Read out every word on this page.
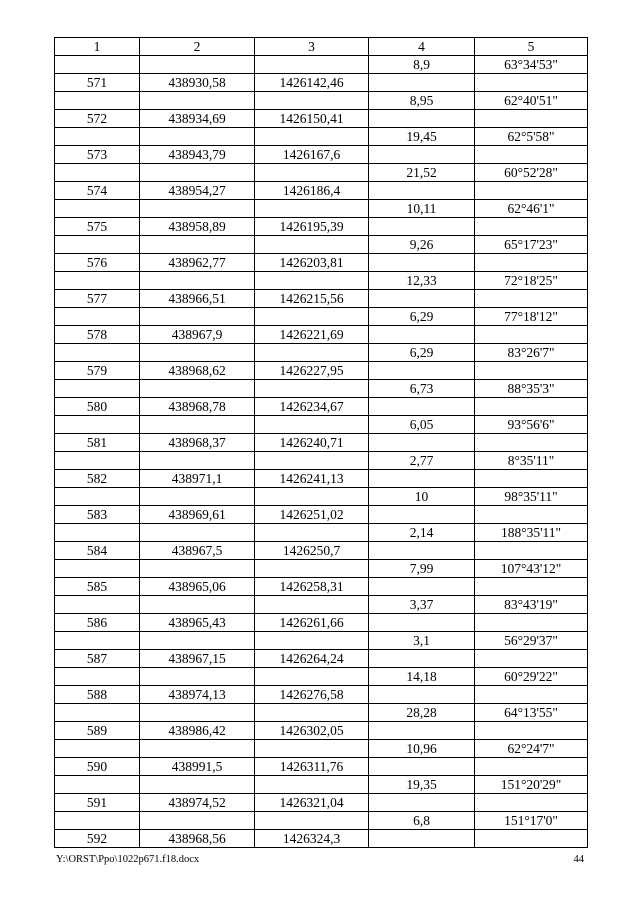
1	2	3	4	5
			8,9	63°34'53"
571	438930,58	1426142,46		
			8,95	62°40'51"
572	438934,69	1426150,41		
			19,45	62°5'58"
573	438943,79	1426167,6		
			21,52	60°52'28"
574	438954,27	1426186,4		
			10,11	62°46'1"
575	438958,89	1426195,39		
			9,26	65°17'23"
576	438962,77	1426203,81		
			12,33	72°18'25"
577	438966,51	1426215,56		
			6,29	77°18'12"
578	438967,9	1426221,69		
			6,29	83°26'7"
579	438968,62	1426227,95		
			6,73	88°35'3"
580	438968,78	1426234,67		
			6,05	93°56'6"
581	438968,37	1426240,71		
			2,77	8°35'11"
582	438971,1	1426241,13		
			10	98°35'11"
583	438969,61	1426251,02		
			2,14	188°35'11"
584	438967,5	1426250,7		
			7,99	107°43'12"
585	438965,06	1426258,31		
			3,37	83°43'19"
586	438965,43	1426261,66		
			3,1	56°29'37"
587	438967,15	1426264,24		
			14,18	60°29'22"
588	438974,13	1426276,58		
			28,28	64°13'55"
589	438986,42	1426302,05		
			10,96	62°24'7"
590	438991,5	1426311,76		
			19,35	151°20'29"
591	438974,52	1426321,04		
			6,8	151°17'0"
592	438968,56	1426324,3		
Y:\ORST\Ppo\1022p671.f18.docx	44
